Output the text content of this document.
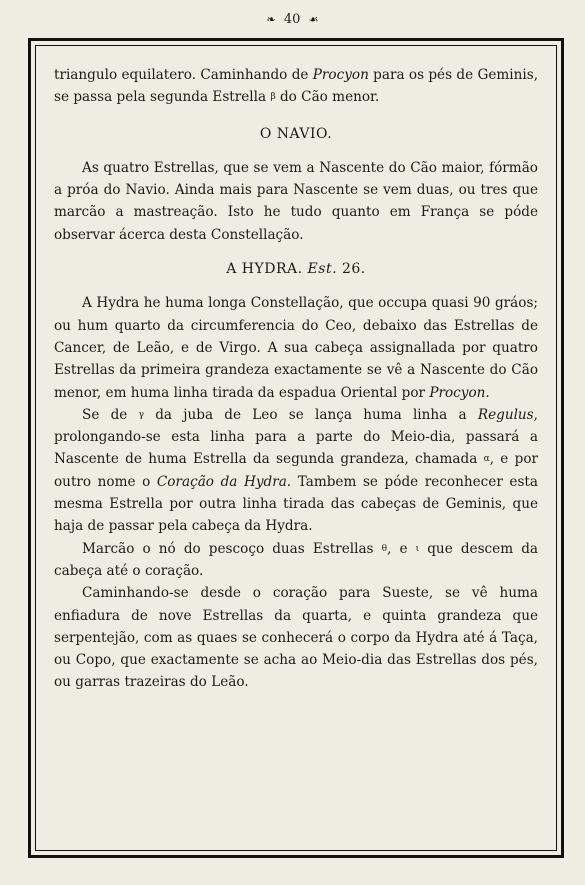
❧ 40 ☙

triangulo equilatero. Caminhando de Procyon para os pés de Geminis, se passa pela segunda Estrella β do Cão menor.

O NAVIO.

As quatro Estrellas, que se vem a Nascente do Cão maior, fórmão a próa do Navio. Ainda mais para Nascente se vem duas, ou tres que marcão a mastreação. Isto he tudo quanto em França se póde observar ácerca desta Constellação.

A HYDRA. Est. 26.

A Hydra he huma longa Constellação, que occupa quasi 90 gráos; ou hum quarto da circumferencia do Ceo, debaixo das Estrellas de Cancer, de Leão, e de Virgo. A sua cabeça assignallada por quatro Estrellas da primeira grandeza exactamente se vê a Nascente do Cão menor, em huma linha tirada da espadua Oriental por Procyon.

Se de γ da juba de Leo se lança huma linha a Regulus, prolongando-se esta linha para a parte do Meio-dia, passará a Nascente de huma Estrella da segunda grandeza, chamada α, e por outro nome o Coração da Hydra. Tambem se póde reconhecer esta mesma Estrella por outra linha tirada das cabeças de Geminis, que haja de passar pela cabeça da Hydra.

Marcão o nó do pescoço duas Estrellas θ, e ι que descem da cabeça até o coração.

Caminhando-se desde o coração para Sueste, se vê huma enfiadura de nove Estrellas da quarta, e quinta grandeza que serpentejão, com as quaes se conhecerá o corpo da Hydra até á Taça, ou Copo, que exactamente se acha ao Meio-dia das Estrellas dos pés, ou garras trazeiras do Leão.
